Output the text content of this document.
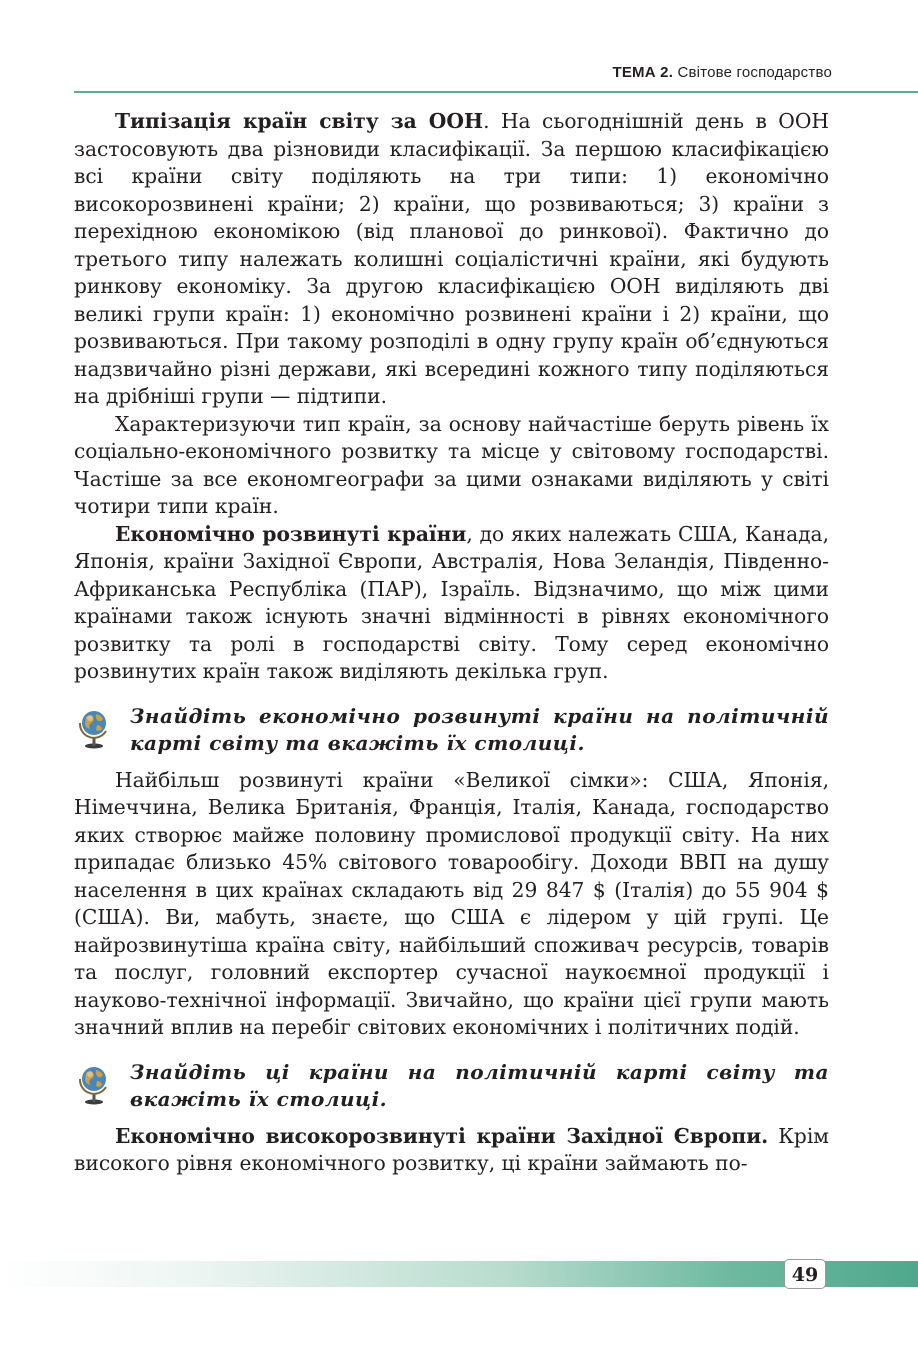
ТЕМА 2. Світове господарство

Типізація країн світу за ООН. На сьогоднішній день в ООН застосовують два різновиди класифікації. За першою класифікацією всі країни світу поділяють на три типи: 1) економічно високорозвинені країни; 2) країни, що розвиваються; 3) країни з перехідною економікою (від планової до ринкової). Фактично до третього типу належать колишні соціалістичні країни, які будують ринкову економіку. За другою класифікацією ООН виділяють дві великі групи країн: 1) економічно розвинені країни і 2) країни, що розвиваються. При такому розподілі в одну групу країн об’єднуються надзвичайно різні держави, які всередині кожного типу поділяються на дрібніші групи — підтипи.

Характеризуючи тип країн, за основу найчастіше беруть рівень їх соціально-економічного розвитку та місце у світовому господарстві. Частіше за все економгеографи за цими ознаками виділяють у світі чотири типи країн.

Економічно розвинуті країни, до яких належать США, Канада, Японія, країни Західної Європи, Австралія, Нова Зеландія, Південно-Африканська Республіка (ПАР), Ізраїль. Відзначимо, що між цими країнами також існують значні відмінності в рівнях економічного розвитку та ролі в господарстві світу. Тому серед економічно розвинутих країн також виділяють декілька груп.

Знайдіть економічно розвинуті країни на політичній карті світу та вкажіть їх столиці.

Найбільш розвинуті країни «Великої сімки»: США, Японія, Німеччина, Велика Британія, Франція, Італія, Канада, господарство яких створює майже половину промислової продукції світу. На них припадає близько 45% світового товарообігу. Доходи ВВП на душу населення в цих країнах складають від 29 847 $ (Італія) до 55 904 $ (США). Ви, мабуть, знаєте, що США є лідером у цій групі. Це найрозвинутіша країна світу, найбільший споживач ресурсів, товарів та послуг, головний експортер сучасної наукоємної продукції і науково-технічної інформації. Звичайно, що країни цієї групи мають значний вплив на перебіг світових економічних і політичних подій.

Знайдіть ці країни на політичній карті світу та вкажіть їх столиці.

Економічно високорозвинуті країни Західної Європи. Крім високого рівня економічного розвитку, ці країни займають по-

49
